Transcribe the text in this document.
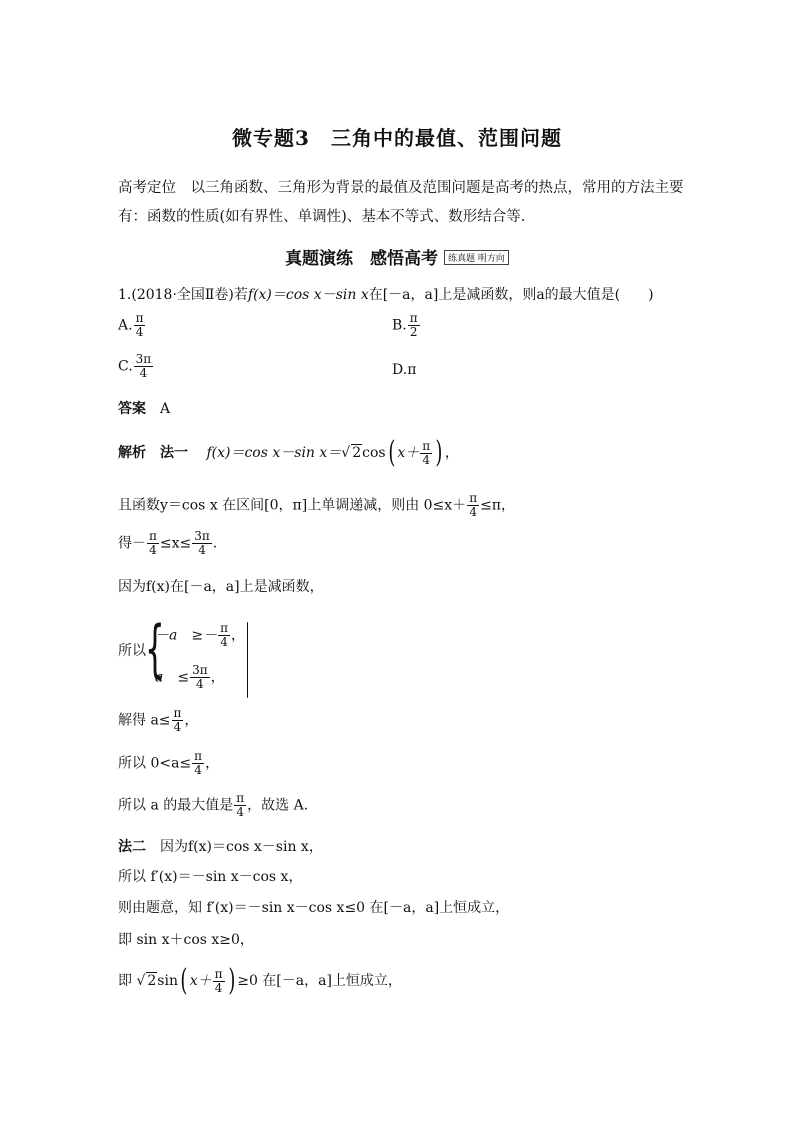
微专题3　三角中的最值、范围问题
高考定位　以三角函数、三角形为背景的最值及范围问题是高考的热点，常用的方法主要有：函数的性质(如有界性、单调性)、基本不等式、数形结合等.
真题演练　感悟高考 练真题 明方向
1.(2018·全国Ⅱ卷)若f(x)＝cos x－sin x在[－a，a]上是减函数，则a的最大值是(　　)
A. $\frac{\pi}{4}$	B. $\frac{\pi}{2}$
C. $\frac{3\pi}{4}$	D.π
答案　 A
解析　 法一　 f(x)＝cos x－sin x＝√ 2cos( $x+ \frac{\pi}{4}$ ) ，
且函数y＝cos x 在区间[0，π]上单调递减，则由 $0\le x+ \frac{\pi}{4} \le\pi$，
得－ $\frac{\pi}{4} \le x\le \frac{3\pi}{4}$ .
因为f(x)在[－a，a]上是减函数，
所以 {
－a　≥－ $\frac{\pi}{4}$ ，
a　≤ $\frac{3\pi}{4}$ ，
解得 $a\le \frac{\pi}{4}$ ，
所以 $0<a\le \frac{\pi}{4}$ ，
所以 a 的最大值是 $\frac{\pi}{4}$ ，故选 A.
法二　因为f(x)＝cos x－sin x，
所以 f′(x)＝－sin x－cos x，
则由题意，知 f′(x)＝－sin x－cos x≤0 在[－a，a]上恒成立，
即 sin x＋cos x≥0，
即 √ 2sin( $x+ \frac{\pi}{4}$ ) ≥0 在[－a，a]上恒成立，
